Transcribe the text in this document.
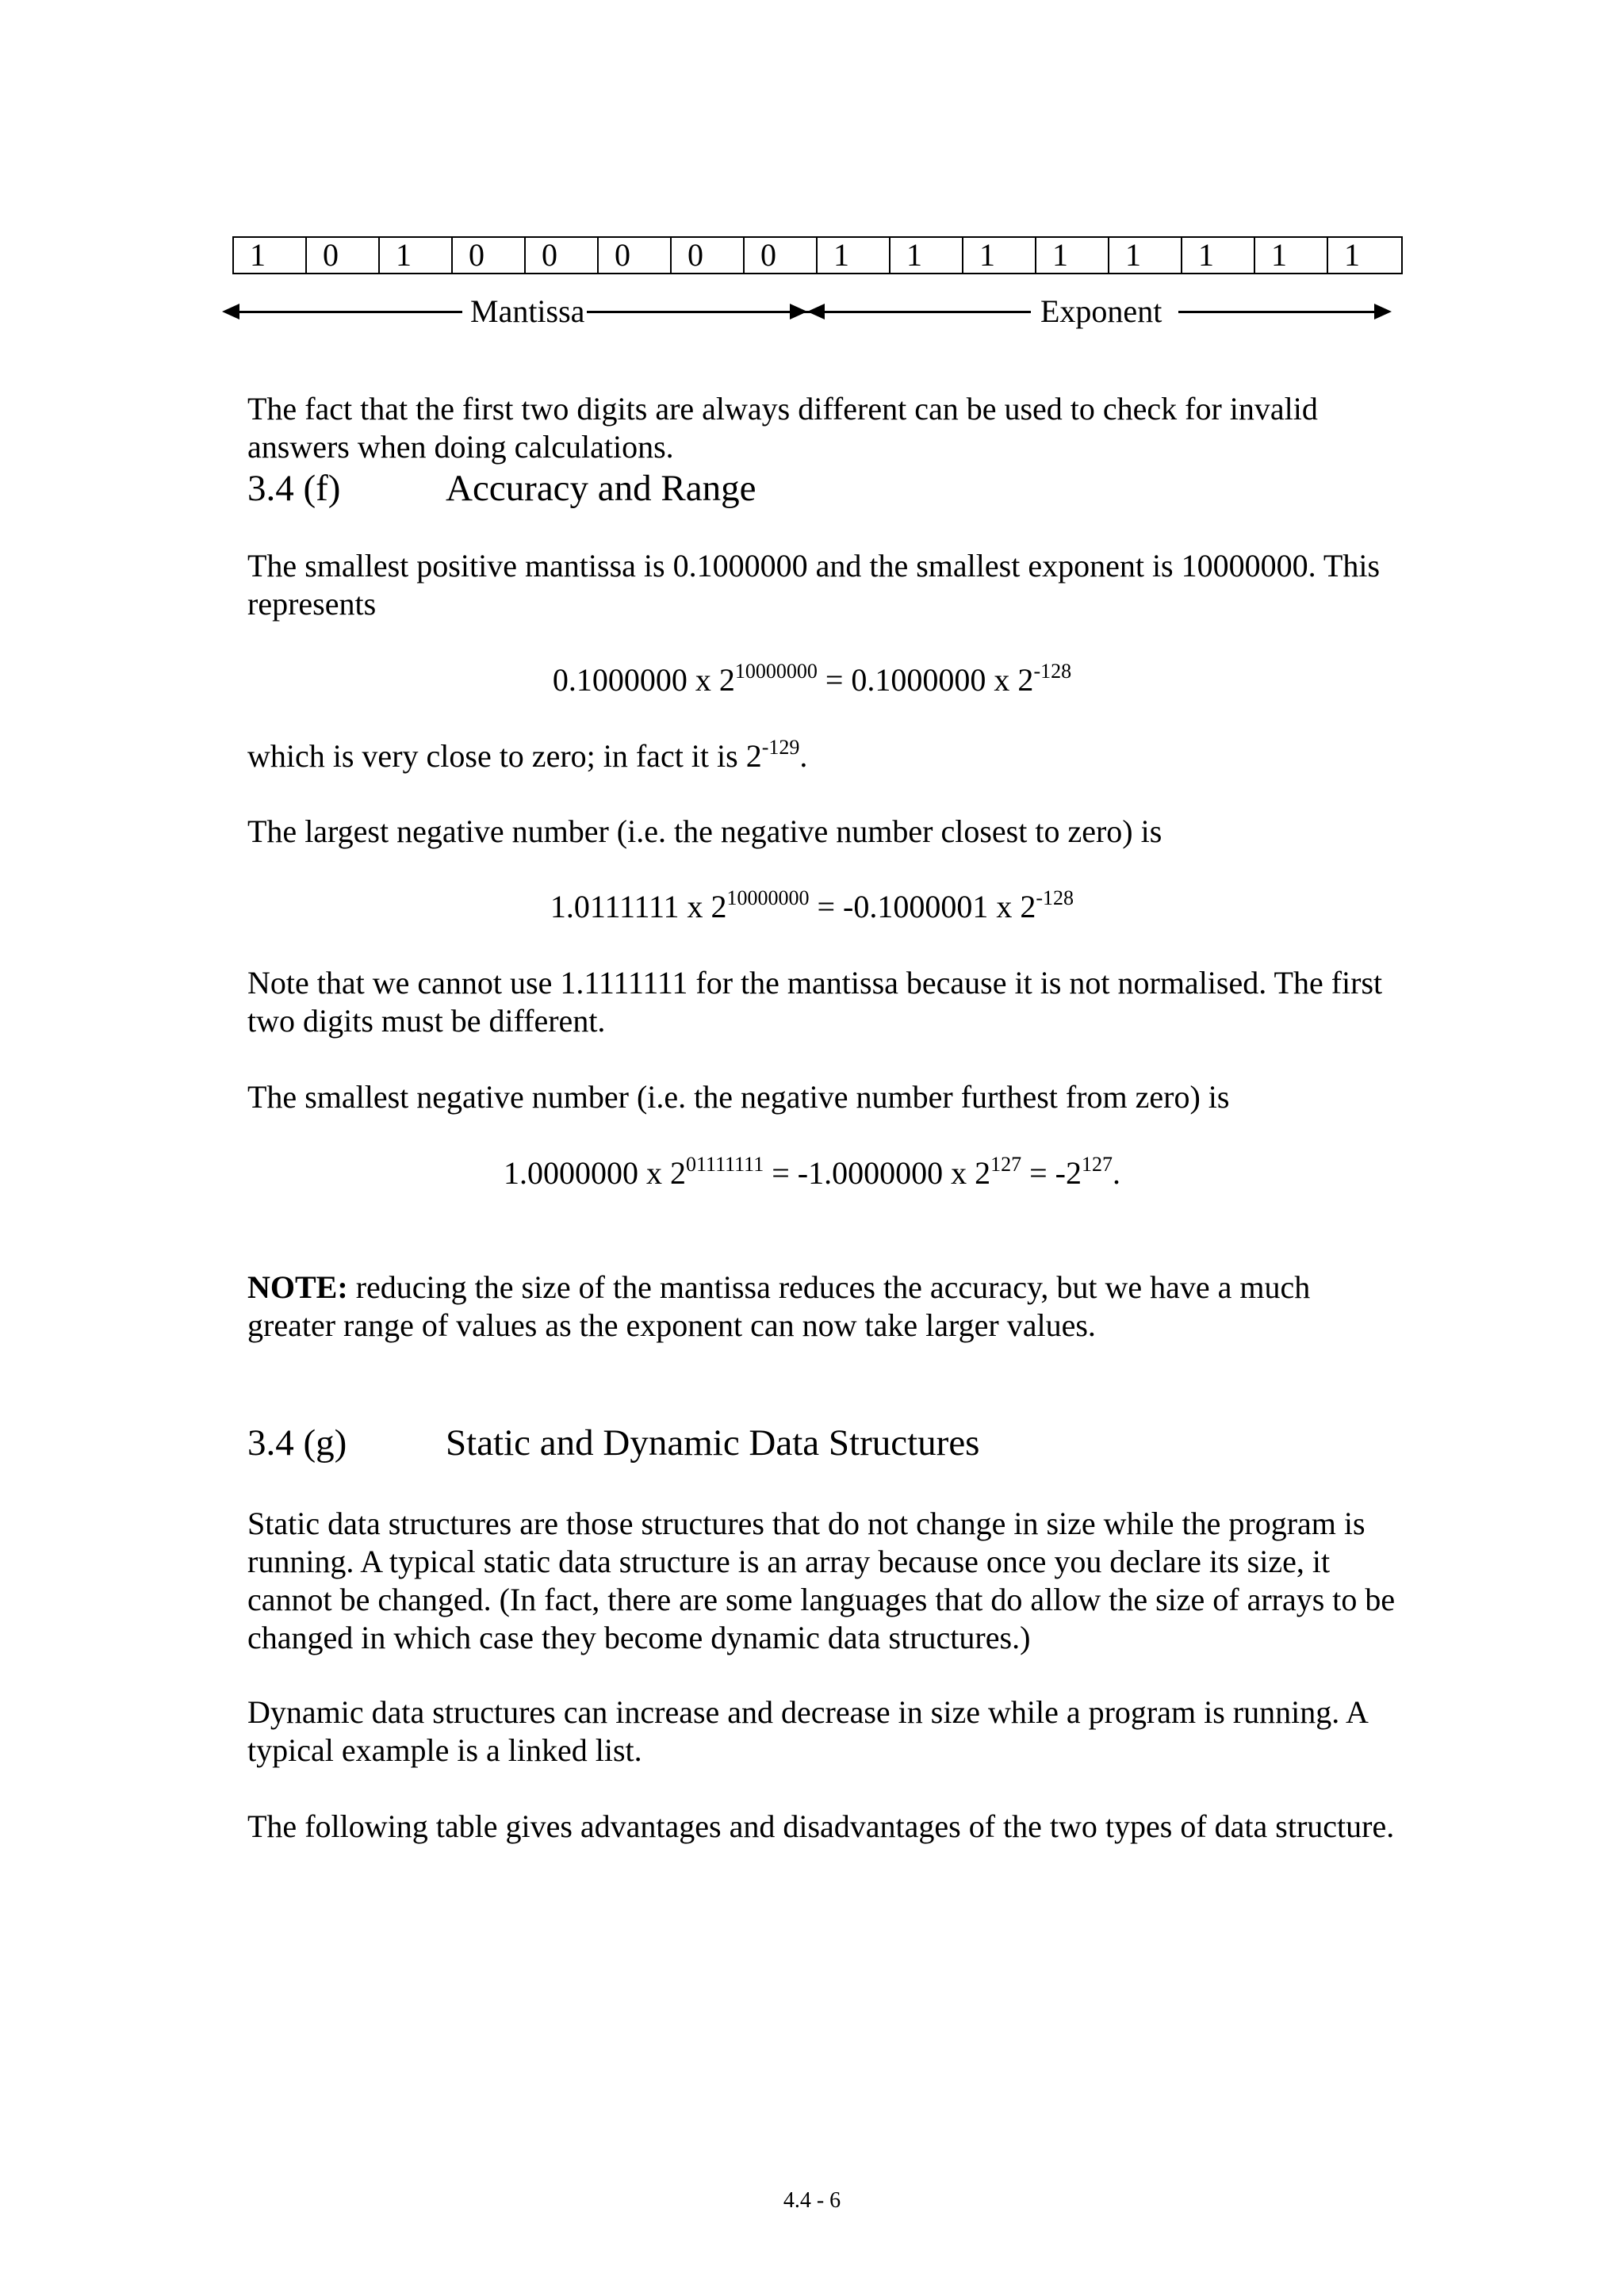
1	0	1	0	0	0	0	0	1	1	1	1	1	1	1	1
Mantissa	Exponent

The fact that the first two digits are always different can be used to check for invalid answers when doing calculations.

3.4 (f)	Accuracy and Range

The smallest positive mantissa is 0.1000000 and the smallest exponent is 10000000. This represents

0.1000000 x $2^{10000000} = 0.1000000$ x $2^{-128}$

which is very close to zero; in fact it is $2^{-129}$.

The largest negative number (i.e. the negative number closest to zero) is

1.0111111 x $2^{10000000} = -0.1000001$ x $2^{-128}$

Note that we cannot use 1.1111111 for the mantissa because it is not normalised. The first two digits must be different.

The smallest negative number (i.e. the negative number furthest from zero) is

1.0000000 x $2^{01111111} = -1.0000000$ x $2^{127} = -2^{127}$.

NOTE: reducing the size of the mantissa reduces the accuracy, but we have a much greater range of values as the exponent can now take larger values.

3.4 (g)	Static and Dynamic Data Structures

Static data structures are those structures that do not change in size while the program is running. A typical static data structure is an array because once you declare its size, it cannot be changed. (In fact, there are some languages that do allow the size of arrays to be changed in which case they become dynamic data structures.)

Dynamic data structures can increase and decrease in size while a program is running. A typical example is a linked list.

The following table gives advantages and disadvantages of the two types of data structure.

4.4 - 6
